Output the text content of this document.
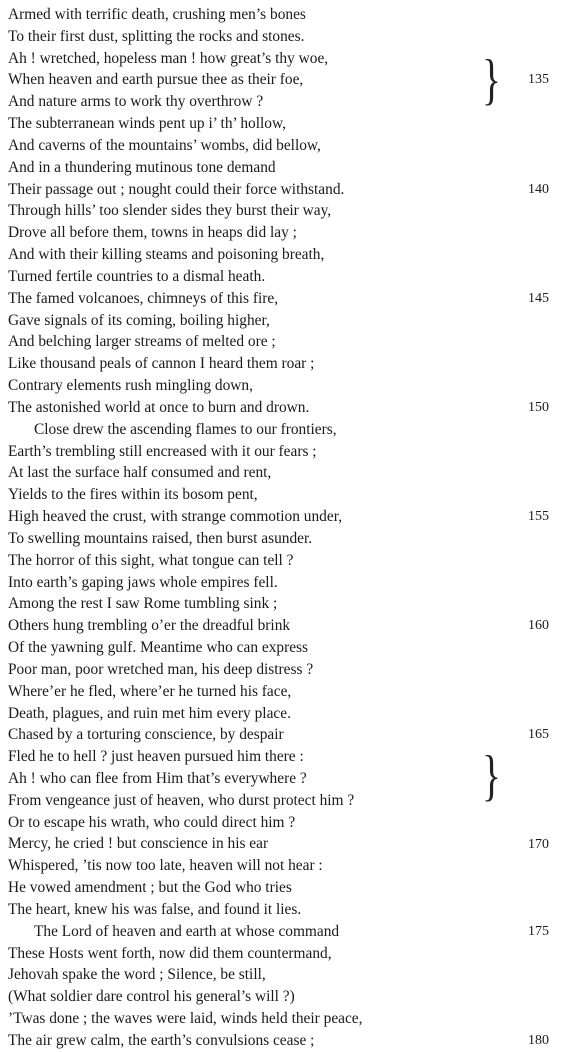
Armed with terrific death, crushing men’s bones
To their first dust, splitting the rocks and stones.
Ah ! wretched, hopeless man ! how great’s thy woe,
When heaven and earth pursue thee as their foe,
And nature arms to work thy overthrow ?
The subterranean winds pent up i’ th’ hollow,
And caverns of the mountains’ wombs, did bellow,
And in a thundering mutinous tone demand
Their passage out ; nought could their force withstand.
Through hills’ too slender sides they burst their way,
Drove all before them, towns in heaps did lay ;
And with their killing steams and poisoning breath,
Turned fertile countries to a dismal heath.
The famed volcanoes, chimneys of this fire,
Gave signals of its coming, boiling higher,
And belching larger streams of melted ore ;
Like thousand peals of cannon I heard them roar ;
Contrary elements rush mingling down,
The astonished world at once to burn and drown.
Close drew the ascending flames to our frontiers,
Earth’s trembling still encreased with it our fears ;
At last the surface half consumed and rent,
Yields to the fires within its bosom pent,
High heaved the crust, with strange commotion under,
To swelling mountains raised, then burst asunder.
The horror of this sight, what tongue can tell ?
Into earth’s gaping jaws whole empires fell.
Among the rest I saw Rome tumbling sink ;
Others hung trembling o’er the dreadful brink
Of the yawning gulf. Meantime who can express
Poor man, poor wretched man, his deep distress ?
Where’er he fled, where’er he turned his face,
Death, plagues, and ruin met him every place.
Chased by a torturing conscience, by despair
Fled he to hell ? just heaven pursued him there :
Ah ! who can flee from Him that’s everywhere ?
From vengeance just of heaven, who durst protect him ?
Or to escape his wrath, who could direct him ?
Mercy, he cried ! but conscience in his ear
Whispered, ’tis now too late, heaven will not hear :
He vowed amendment ; but the God who tries
The heart, knew his was false, and found it lies.
The Lord of heaven and earth at whose command
These Hosts went forth, now did them countermand,
Jehovah spake the word ; Silence, be still,
(What soldier dare control his general’s will ?)
’Twas done ; the waves were laid, winds held their peace,
The air grew calm, the earth’s convulsions cease ;
135
140
145
150
155
160
165
170
175
180
}
}
